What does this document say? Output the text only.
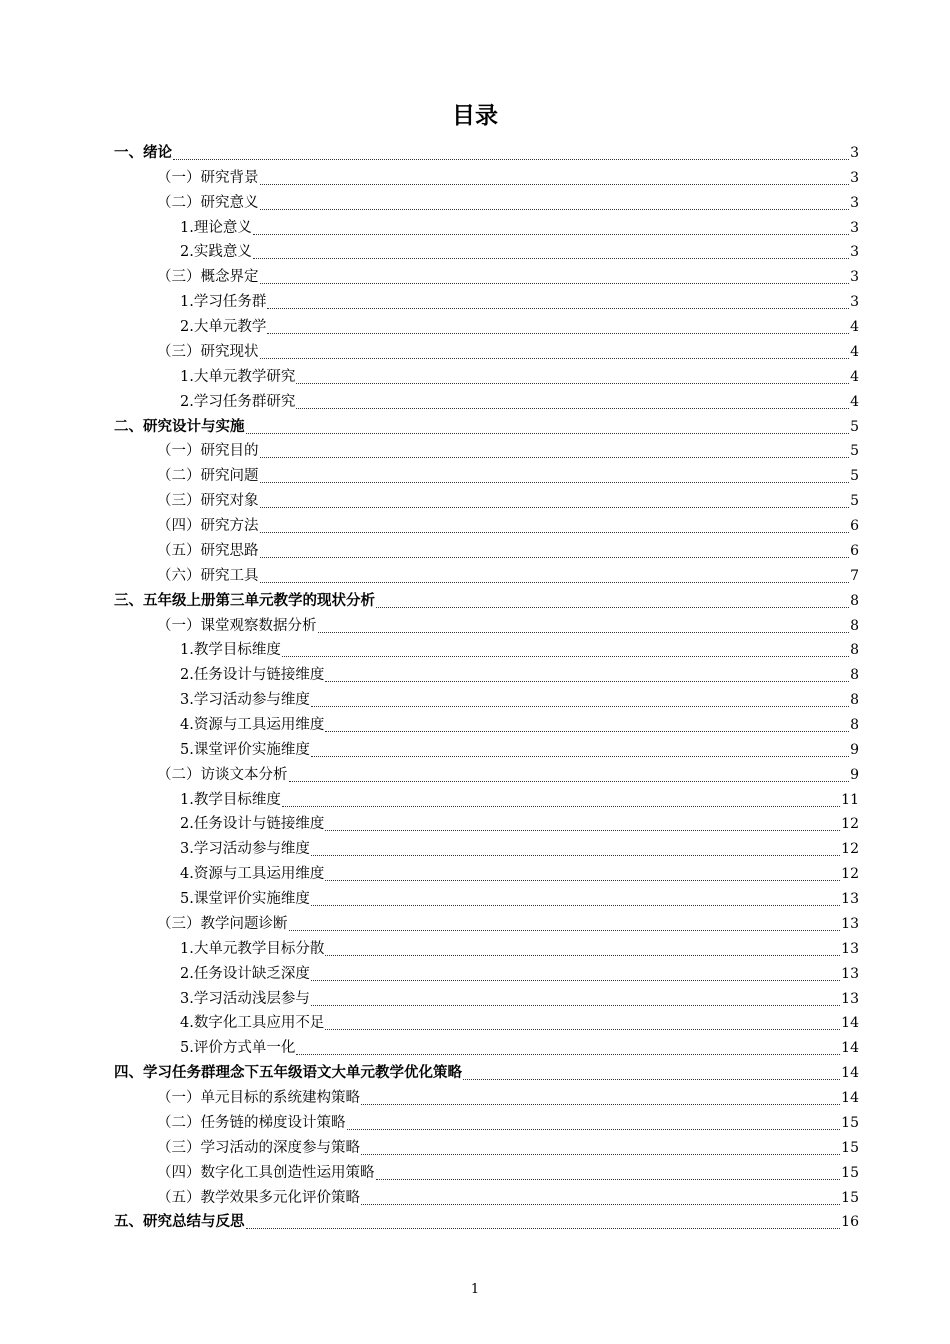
目录
一、绪论	3
（一）研究背景	3
（二）研究意义	3
1.理论意义	3
2.实践意义	3
（三）概念界定	3
1.学习任务群	3
2.大单元教学	4
（三）研究现状	4
1.大单元教学研究	4
2.学习任务群研究	4
二、研究设计与实施	5
（一）研究目的	5
（二）研究问题	5
（三）研究对象	5
（四）研究方法	6
（五）研究思路	6
（六）研究工具	7
三、五年级上册第三单元教学的现状分析	8
（一）课堂观察数据分析	8
1.教学目标维度	8
2.任务设计与链接维度	8
3.学习活动参与维度	8
4.资源与工具运用维度	8
5.课堂评价实施维度	9
（二）访谈文本分析	9
1.教学目标维度	11
2.任务设计与链接维度	12
3.学习活动参与维度	12
4.资源与工具运用维度	12
5.课堂评价实施维度	13
（三）教学问题诊断	13
1.大单元教学目标分散	13
2.任务设计缺乏深度	13
3.学习活动浅层参与	13
4.数字化工具应用不足	14
5.评价方式单一化	14
四、学习任务群理念下五年级语文大单元教学优化策略	14
（一）单元目标的系统建构策略	14
（二）任务链的梯度设计策略	15
（三）学习活动的深度参与策略	15
（四）数字化工具创造性运用策略	15
（五）教学效果多元化评价策略	15
五、研究总结与反思	16
1
